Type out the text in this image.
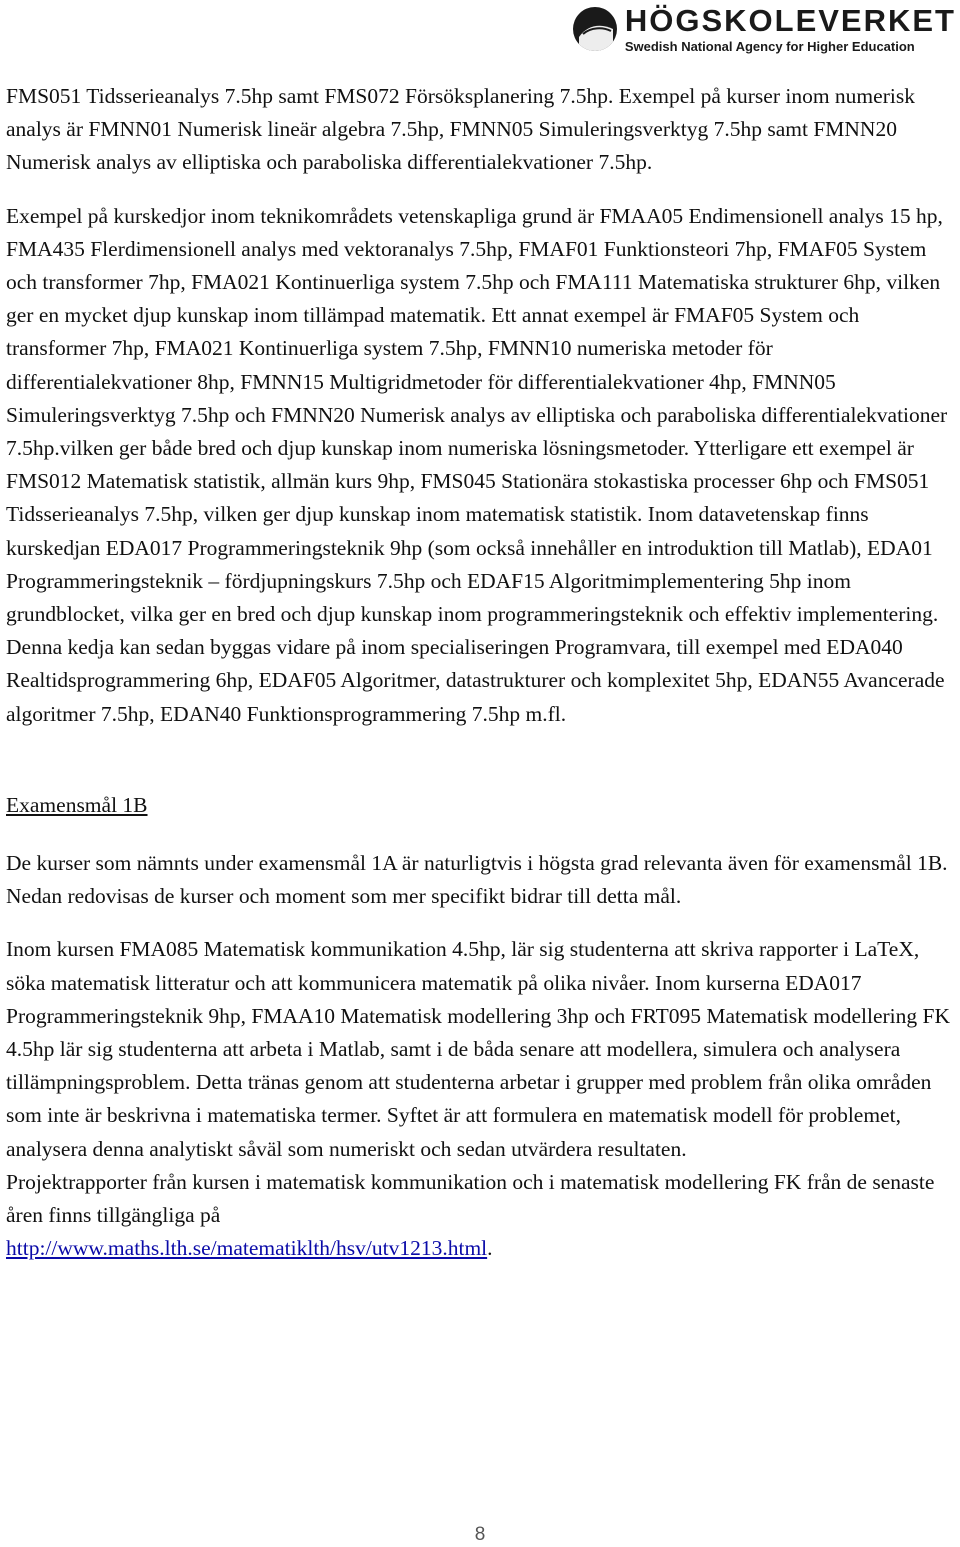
HÖGSKOLEVERKET
Swedish National Agency for Higher Education

FMS051 Tidsserieanalys 7.5hp samt FMS072 Försöksplanering 7.5hp. Exempel på kurser inom numerisk analys är FMNN01 Numerisk lineär algebra 7.5hp, FMNN05 Simuleringsverktyg 7.5hp samt FMNN20 Numerisk analys av elliptiska och paraboliska differentialekvationer 7.5hp.

Exempel på kurskedjor inom teknikområdets vetenskapliga grund är FMAA05 Endimensionell analys 15 hp, FMA435 Flerdimensionell analys med vektoranalys 7.5hp, FMAF01 Funktionsteori 7hp, FMAF05 System och transformer 7hp, FMA021 Kontinuerliga system 7.5hp och FMA111 Matematiska strukturer 6hp, vilken ger en mycket djup kunskap inom tillämpad matematik. Ett annat exempel är FMAF05 System och transformer 7hp, FMA021 Kontinuerliga system 7.5hp, FMNN10 numeriska metoder för differentialekvationer 8hp, FMNN15 Multigridmetoder för differentialekvationer 4hp, FMNN05 Simuleringsverktyg 7.5hp och FMNN20 Numerisk analys av elliptiska och paraboliska differentialekvationer 7.5hp.vilken ger både bred och djup kunskap inom numeriska lösningsmetoder. Ytterligare ett exempel är FMS012 Matematisk statistik, allmän kurs 9hp, FMS045 Stationära stokastiska processer 6hp och FMS051 Tidsserieanalys 7.5hp, vilken ger djup kunskap inom matematisk statistik. Inom datavetenskap finns kurskedjan EDA017 Programmeringsteknik 9hp (som också innehåller en introduktion till Matlab), EDA01 Programmeringsteknik – fördjupningskurs 7.5hp och EDAF15 Algoritmimplementering 5hp inom grundblocket, vilka ger en bred och djup kunskap inom programmeringsteknik och effektiv implementering. Denna kedja kan sedan byggas vidare på inom specialiseringen Programvara, till exempel med EDA040 Realtidsprogrammering 6hp, EDAF05 Algoritmer, datastrukturer och komplexitet 5hp, EDAN55 Avancerade algoritmer 7.5hp, EDAN40 Funktionsprogrammering 7.5hp m.fl.

Examensmål 1B

De kurser som nämnts under examensmål 1A är naturligtvis i högsta grad relevanta även för examensmål 1B. Nedan redovisas de kurser och moment som mer specifikt bidrar till detta mål.

Inom kursen FMA085 Matematisk kommunikation 4.5hp, lär sig studenterna att skriva rapporter i LaTeX, söka matematisk litteratur och att kommunicera matematik på olika nivåer. Inom kurserna EDA017 Programmeringsteknik 9hp, FMAA10 Matematisk modellering 3hp och FRT095 Matematisk modellering FK 4.5hp lär sig studenterna att arbeta i Matlab, samt i de båda senare att modellera, simulera och analysera tillämpningsproblem. Detta tränas genom att studenterna arbetar i grupper med problem från olika områden som inte är beskrivna i matematiska termer. Syftet är att formulera en matematisk modell för problemet, analysera denna analytiskt såväl som numeriskt och sedan utvärdera resultaten.

Projektrapporter från kursen i matematisk kommunikation och i matematisk modellering FK från de senaste åren finns tillgängliga på
http://www.maths.lth.se/matematiklth/hsv/utv1213.html.

8
